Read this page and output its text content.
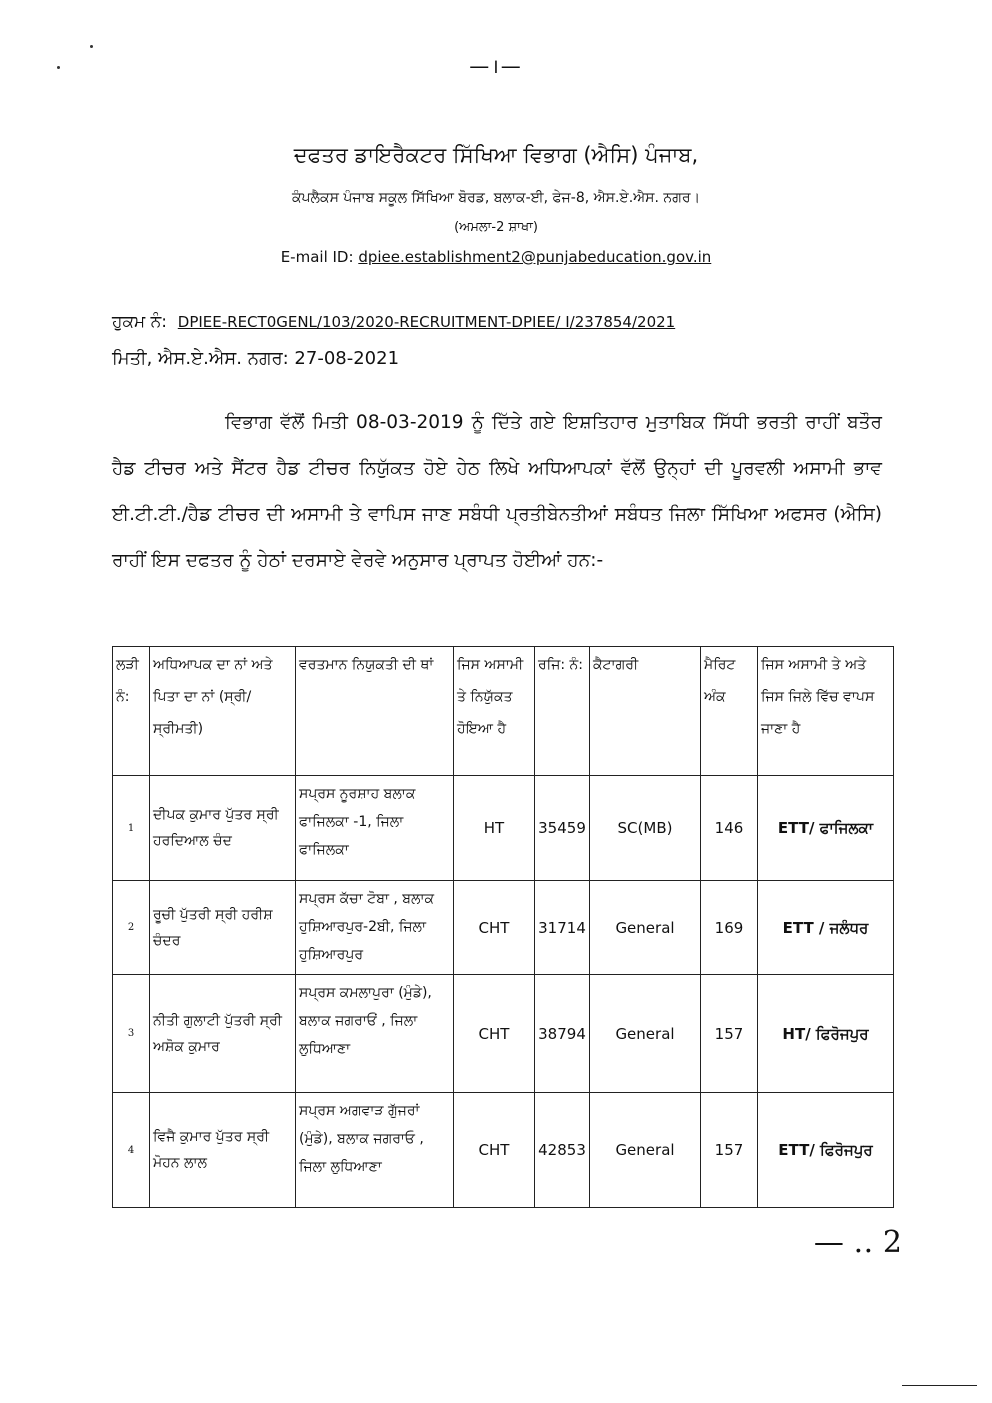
—।—
ਦਫਤਰ ਡਾਇਰੈਕਟਰ ਸਿੱਖਿਆ ਵਿਭਾਗ (ਐਸਿ) ਪੰਜਾਬ,
ਕੰਪਲੈਕਸ ਪੰਜਾਬ ਸਕੂਲ ਸਿੱਖਿਆ ਬੋਰਡ, ਬਲਾਕ-ਈ, ਫੇਜ-8, ਐਸ.ਏ.ਐਸ. ਨਗਰ।
(ਅਮਲਾ-2 ਸ਼ਾਖਾ)
E-mail ID: dpiee.establishment2@punjabeducation.gov.in
ਹੁਕਮ ਨੰ: DPIEE-RECT0GENL/103/2020-RECRUITMENT-DPIEE/ I/237854/2021
ਮਿਤੀ, ਐਸ.ਏ.ਐਸ. ਨਗਰ: 27-08-2021
ਵਿਭਾਗ ਵੱਲੋਂ ਮਿਤੀ 08-03-2019 ਨੂੰ ਦਿੱਤੇ ਗਏ ਇਸ਼ਤਿਹਾਰ ਮੁਤਾਬਿਕ ਸਿੱਧੀ ਭਰਤੀ ਰਾਹੀਂ ਬਤੌਰ ਹੈਡ ਟੀਚਰ ਅਤੇ ਸੈਂਟਰ ਹੈਡ ਟੀਚਰ ਨਿਯੁੱਕਤ ਹੋਏ ਹੇਠ ਲਿਖੇ ਅਧਿਆਪਕਾਂ ਵੱਲੋਂ ਉਨ੍ਹਾਂ ਦੀ ਪੂਰਵਲੀ ਅਸਾਮੀ ਭਾਵ ਈ.ਟੀ.ਟੀ./ਹੈਡ ਟੀਚਰ ਦੀ ਅਸਾਮੀ ਤੇ ਵਾਪਿਸ ਜਾਣ ਸਬੰਧੀ ਪ੍ਰਤੀਬੇਨਤੀਆਂ ਸਬੰਧਤ ਜਿਲਾ ਸਿੱਖਿਆ ਅਫਸਰ (ਐਸਿ) ਰਾਹੀਂ ਇਸ ਦਫਤਰ ਨੂੰ ਹੇਠਾਂ ਦਰਸਾਏ ਵੇਰਵੇ ਅਨੁਸਾਰ ਪ੍ਰਾਪਤ ਹੋਈਆਂ ਹਨ:-
ਲੜੀ ਨੰ:	ਅਧਿਆਪਕ ਦਾ ਨਾਂ ਅਤੇ ਪਿਤਾ ਦਾ ਨਾਂ (ਸ੍ਰੀ/ਸ੍ਰੀਮਤੀ)	ਵਰਤਮਾਨ ਨਿਯੁਕਤੀ ਦੀ ਥਾਂ	ਜਿਸ ਅਸਾਮੀ ਤੇ ਨਿਯੁੱਕਤ ਹੋਇਆ ਹੈ	ਰਜਿ: ਨੰ:	ਕੈਟਾਗਰੀ	ਮੈਰਿਟ ਅੰਕ	ਜਿਸ ਅਸਾਮੀ ਤੇ ਅਤੇ ਜਿਸ ਜਿਲੇ ਵਿੱਚ ਵਾਪਸ ਜਾਣਾ ਹੈ
1	ਦੀਪਕ ਕੁਮਾਰ ਪੁੱਤਰ ਸ੍ਰੀ ਹਰਦਿਆਲ ਚੰਦ	ਸਪ੍ਰਸ ਨੂਰਸ਼ਾਹ ਬਲਾਕ ਫਾਜਿਲਕਾ -1, ਜਿਲਾ ਫਾਜਿਲਕਾ	HT	35459	SC(MB)	146	ETT/ ਫਾਜਿਲਕਾ
2	ਰੂਚੀ ਪੁੱਤਰੀ ਸ੍ਰੀ ਹਰੀਸ਼ ਚੰਦਰ	ਸਪ੍ਰਸ ਕੱਚਾ ਟੋਬਾ , ਬਲਾਕ ਹੁਸ਼ਿਆਰਪੁਰ-2ਬੀ, ਜਿਲਾ ਹੁਸ਼ਿਆਰਪੁਰ	CHT	31714	General	169	ETT / ਜਲੰਧਰ
3	ਨੀਤੀ ਗੁਲਾਟੀ ਪੁੱਤਰੀ ਸ੍ਰੀ ਅਸ਼ੋਕ ਕੁਮਾਰ	ਸਪ੍ਰਸ ਕਮਲਾਪੁਰਾ (ਮੁੰਡੇ), ਬਲਾਕ ਜਗਰਾਓਂ , ਜਿਲਾ ਲੁਧਿਆਣਾ	CHT	38794	General	157	HT/ ਫਿਰੋਜਪੁਰ
4	ਵਿਜੈ ਕੁਮਾਰ ਪੁੱਤਰ ਸ੍ਰੀ ਮੋਹਨ ਲਾਲ	ਸਪ੍ਰਸ ਅਗਵਾੜ ਗੁੱਜਰਾਂ (ਮੁੰਡੇ), ਬਲਾਕ ਜਗਰਾਓ , ਜਿਲਾ ਲੁਧਿਆਣਾ	CHT	42853	General	157	ETT/ ਫਿਰੋਜਪੁਰ
— ‥ 2
